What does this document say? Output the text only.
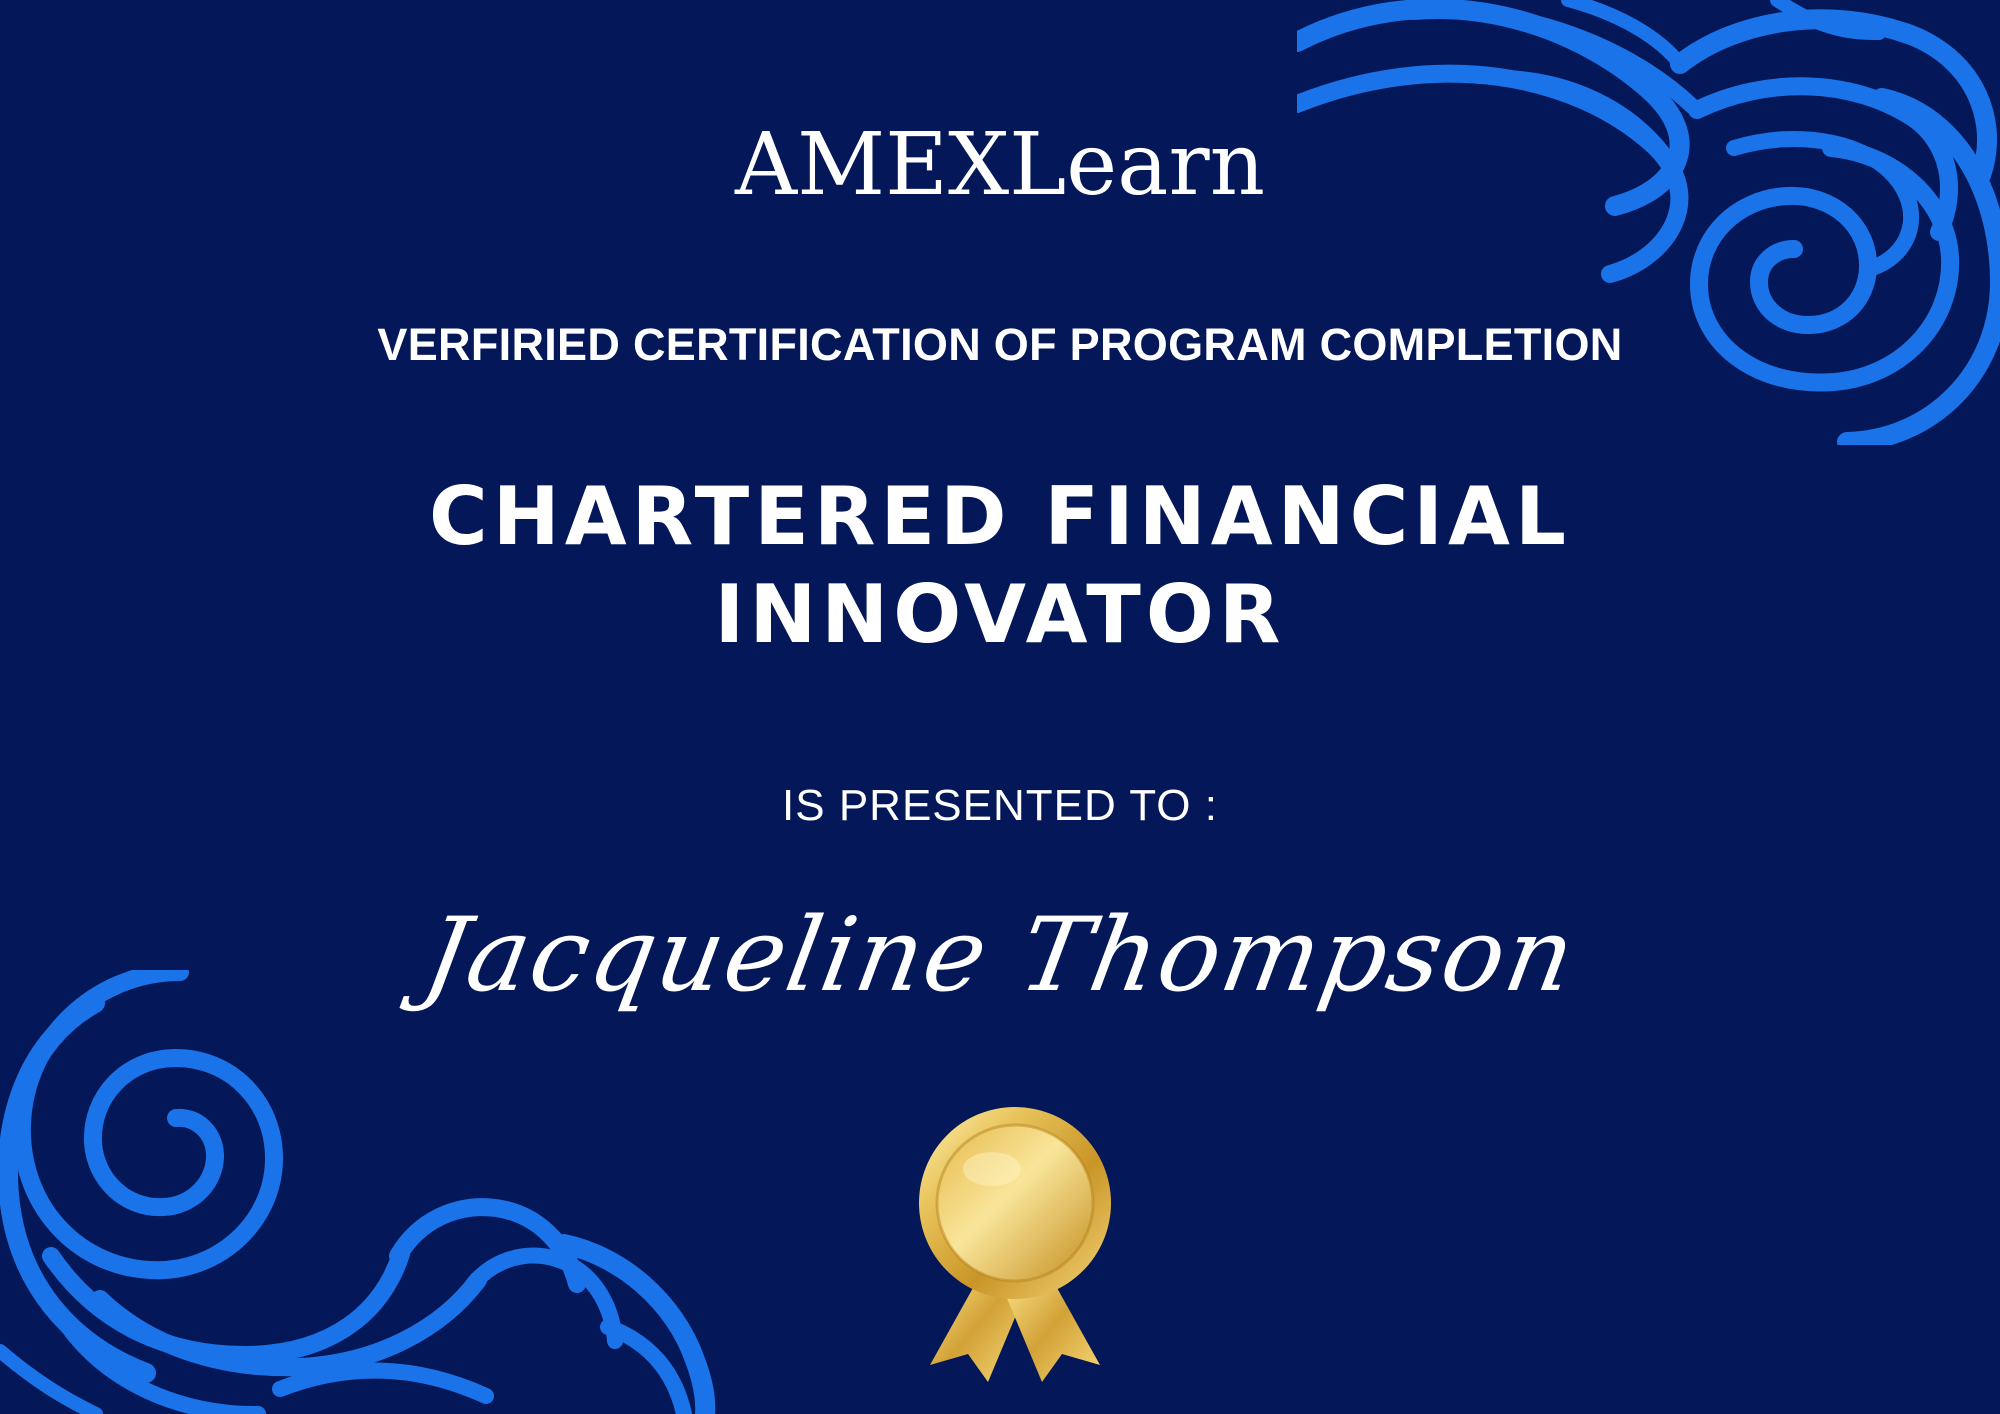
AMEXLearn
VERFIRIED CERTIFICATION OF PROGRAM COMPLETION
CHARTERED FINANCIAL
INNOVATOR
IS PRESENTED TO :
Jacqueline Thompson
